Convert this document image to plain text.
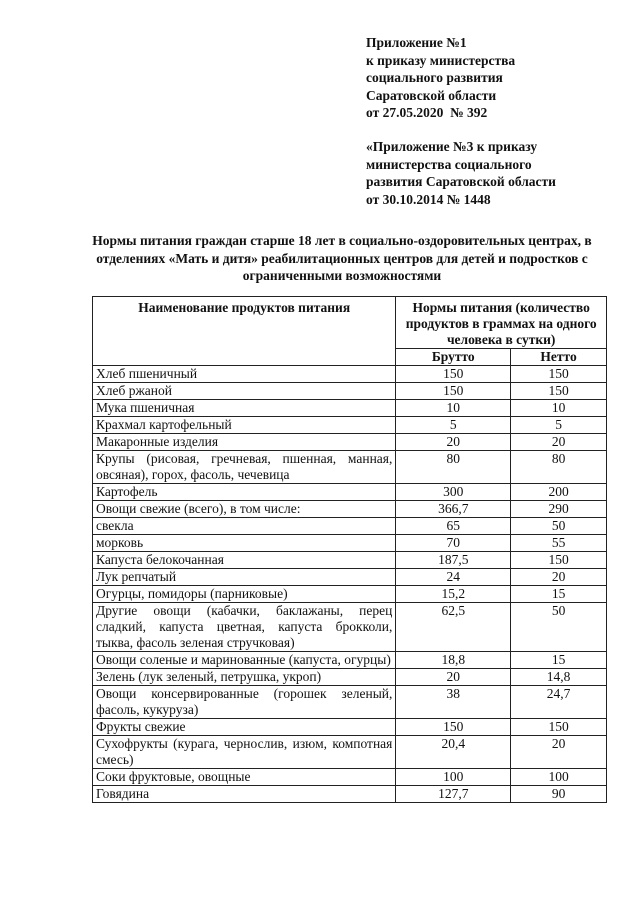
Приложение №1
к приказу министерства
социального развития
Саратовской области
от 27.05.2020  № 392
«Приложение №3 к приказу
министерства социального
развития Саратовской области
от 30.10.2014 № 1448
Нормы питания граждан старше 18 лет в социально-оздоровительных центрах, в отделениях «Мать и дитя» реабилитационных центров для детей и подростков с ограниченными возможностями
Наименование продуктов питания	Нормы питания (количество продуктов в граммах на одного человека в сутки)	
	Брутто	Нетто
Хлеб пшеничный	150	150
Хлеб ржаной	150	150
Мука пшеничная	10	10
Крахмал картофельный	5	5
Макаронные изделия	20	20
Крупы (рисовая, гречневая, пшенная, манная, овсяная), горох, фасоль, чечевица	80	80
Картофель	300	200
Овощи свежие (всего), в том числе:	366,7	290
свекла	65	50
морковь	70	55
Капуста белокочанная	187,5	150
Лук репчатый	24	20
Огурцы, помидоры (парниковые)	15,2	15
Другие овощи (кабачки, баклажаны, перец сладкий, капуста цветная, капуста брокколи, тыква, фасоль зеленая стручковая)	62,5	50
Овощи соленые и маринованные (капуста, огурцы)	18,8	15
Зелень (лук зеленый, петрушка, укроп)	20	14,8
Овощи консервированные (горошек зеленый, фасоль, кукуруза)	38	24,7
Фрукты свежие	150	150
Сухофрукты (курага, чернослив, изюм, компотная смесь)	20,4	20
Соки фруктовые, овощные	100	100
Говядина	127,7	90
